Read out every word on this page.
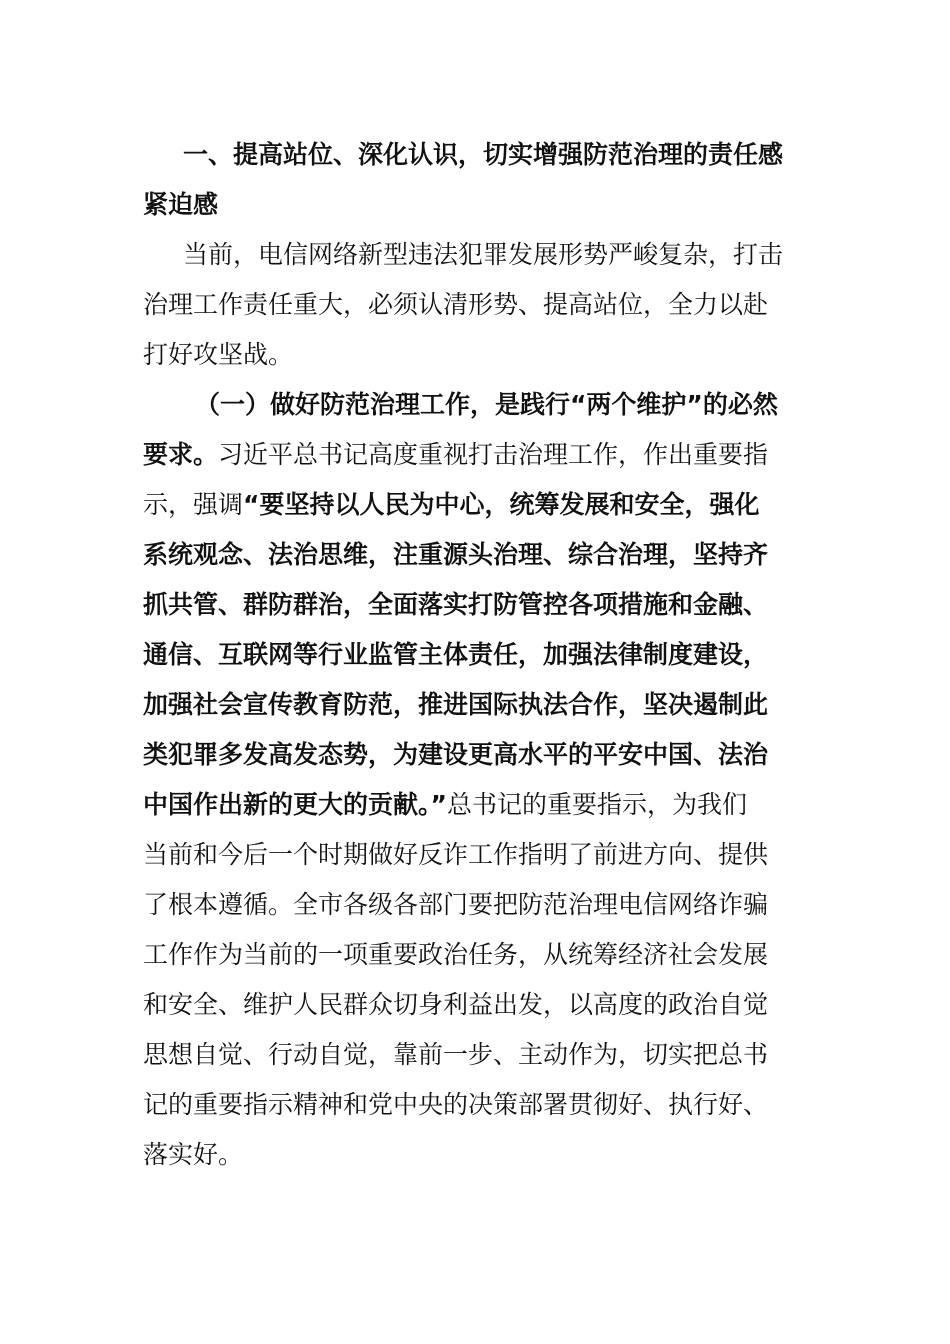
一、提高站位、深化认识，切实增强防范治理的责任感
紧迫感
当前，电信网络新型违法犯罪发展形势严峻复杂，打击
治理工作责任重大，必须认清形势、提高站位，全力以赴
打好攻坚战。
（一）做好防范治理工作，是践行“两个维护”的必然
要求。习近平总书记高度重视打击治理工作，作出重要指
示，强调“要坚持以人民为中心，统筹发展和安全，强化
系统观念、法治思维，注重源头治理、综合治理，坚持齐
抓共管、群防群治，全面落实打防管控各项措施和金融、
通信、互联网等行业监管主体责任，加强法律制度建设，
加强社会宣传教育防范，推进国际执法合作，坚决遏制此
类犯罪多发高发态势，为建设更高水平的平安中国、法治
中国作出新的更大的贡献。”总书记的重要指示，为我们
当前和今后一个时期做好反诈工作指明了前进方向、提供
了根本遵循。全市各级各部门要把防范治理电信网络诈骗
工作作为当前的一项重要政治任务，从统筹经济社会发展
和安全、维护人民群众切身利益出发，以高度的政治自觉
思想自觉、行动自觉，靠前一步、主动作为，切实把总书
记的重要指示精神和党中央的决策部署贯彻好、执行好、
落实好。
